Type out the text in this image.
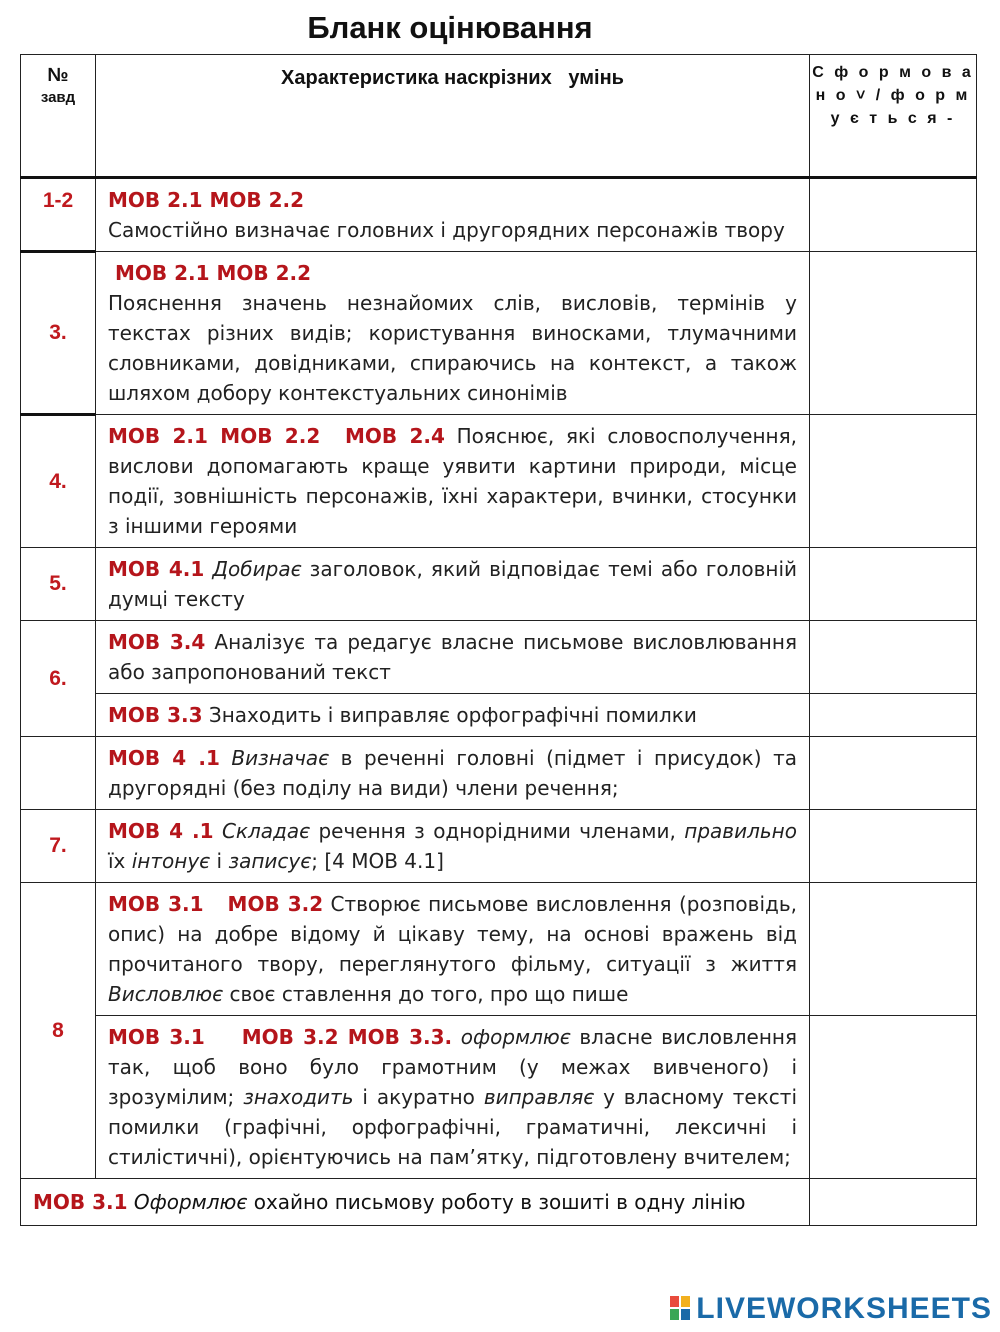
Бланк оцінювання
№
завд	Характеристика наскрізних   умінь	С ф о р м о в а н о ˅ / ф о р м у є т ь с я -

1-2	МОВ 2.1 МОВ 2.2
Самостійно визначає головних і другорядних персонажів твору	
3.	МОВ 2.1 МОВ 2.2
Пояснення значень незнайомих слів, висловів, термінів у текстах різних видів; користування виносками, тлумачними словниками, довідниками, спираючись на контекст, а також шляхом добору контекстуальних синонімів	
4.	МОВ 2.1 МОВ 2.2  МОВ 2.4 Пояснює, які словосполучення, вислови допомагають краще уявити картини природи, місце події, зовнішність персонажів, їхні характери, вчинки, стосунки з іншими героями	
5.	МОВ 4.1 Добирає заголовок, який відповідає темі або головній думці тексту	
6.	МОВ 3.4 Аналізує та редагує власне письмове висловлювання або запропонований текст	
	МОВ 3.3 Знаходить і виправляє орфографічні помилки	
	МОВ 4 .1 Визначає в реченні головні (підмет і присудок) та другорядні (без поділу на види) члени речення;	
7.	МОВ 4 .1 Складає речення з однорідними членами, правильно їх інтонує і записує; [4 МОВ 4.1]	
8	МОВ 3.1   МОВ 3.2 Створює письмове висловлення (розповідь, опис) на добре відому й цікаву тему, на основі вражень від прочитаного твору, переглянутого фільму, ситуації з життя Висловлює своє ставлення до того, про що пише	
	МОВ 3.1    МОВ 3.2 МОВ 3.3. оформлює власне висловлення так, щоб воно було грамотним (у межах вивченого) і зрозумілим; знаходить і акуратно виправляє у власному тексті помилки (графічні, орфографічні, граматичні, лексичні і стилістичні), орієнтуючись на пам’ятку, підготовлену вчителем;	
МОВ 3.1 Оформлює охайно письмову роботу в зошиті в одну лінію		
LIVEWORKSHEETS
